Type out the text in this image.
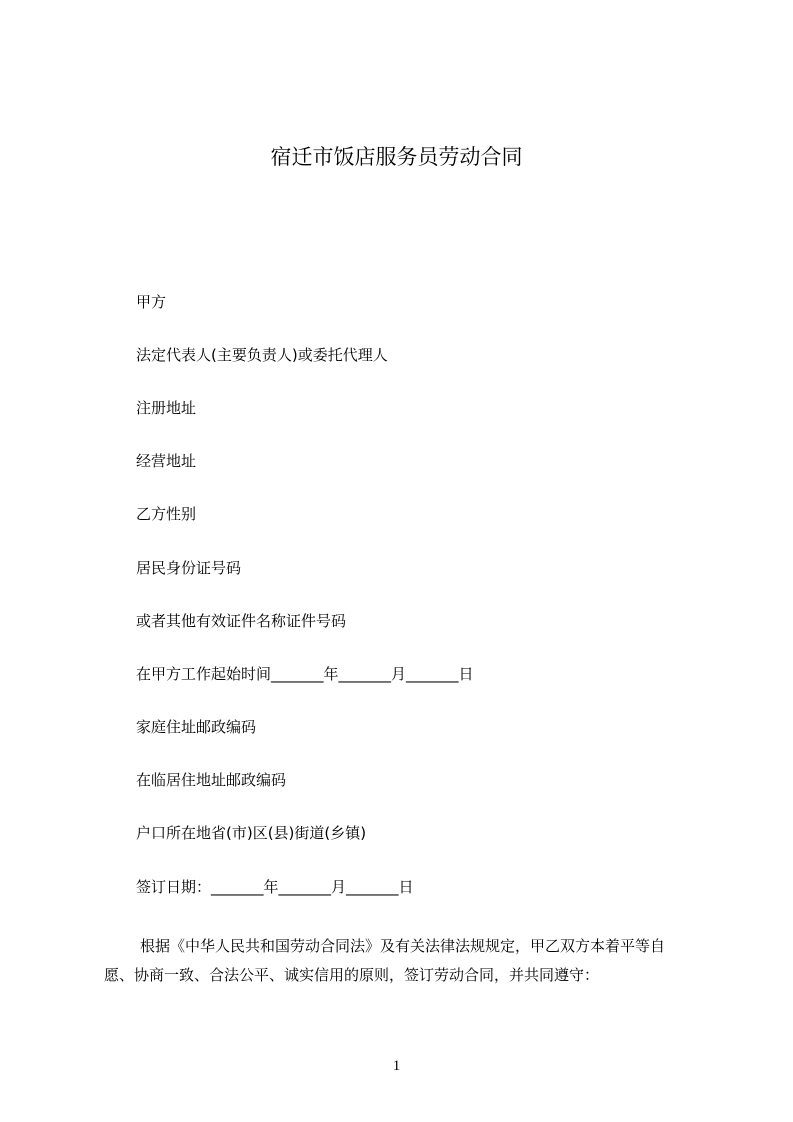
宿迁市饭店服务员劳动合同
甲方
法定代表人(主要负责人)或委托代理人
注册地址
经营地址
乙方性别
居民身份证号码
或者其他有效证件名称证件号码
在甲方工作起始时间_______年_______月_______日
家庭住址邮政编码
在临居住地址邮政编码
户口所在地省(市)区(县)街道(乡镇)
签订日期：_______年_______月_______日
根据《中华人民共和国劳动合同法》及有关法律法规规定，甲乙双方本着平等自
愿、协商一致、合法公平、诚实信用的原则，签订劳动合同，并共同遵守：
1
